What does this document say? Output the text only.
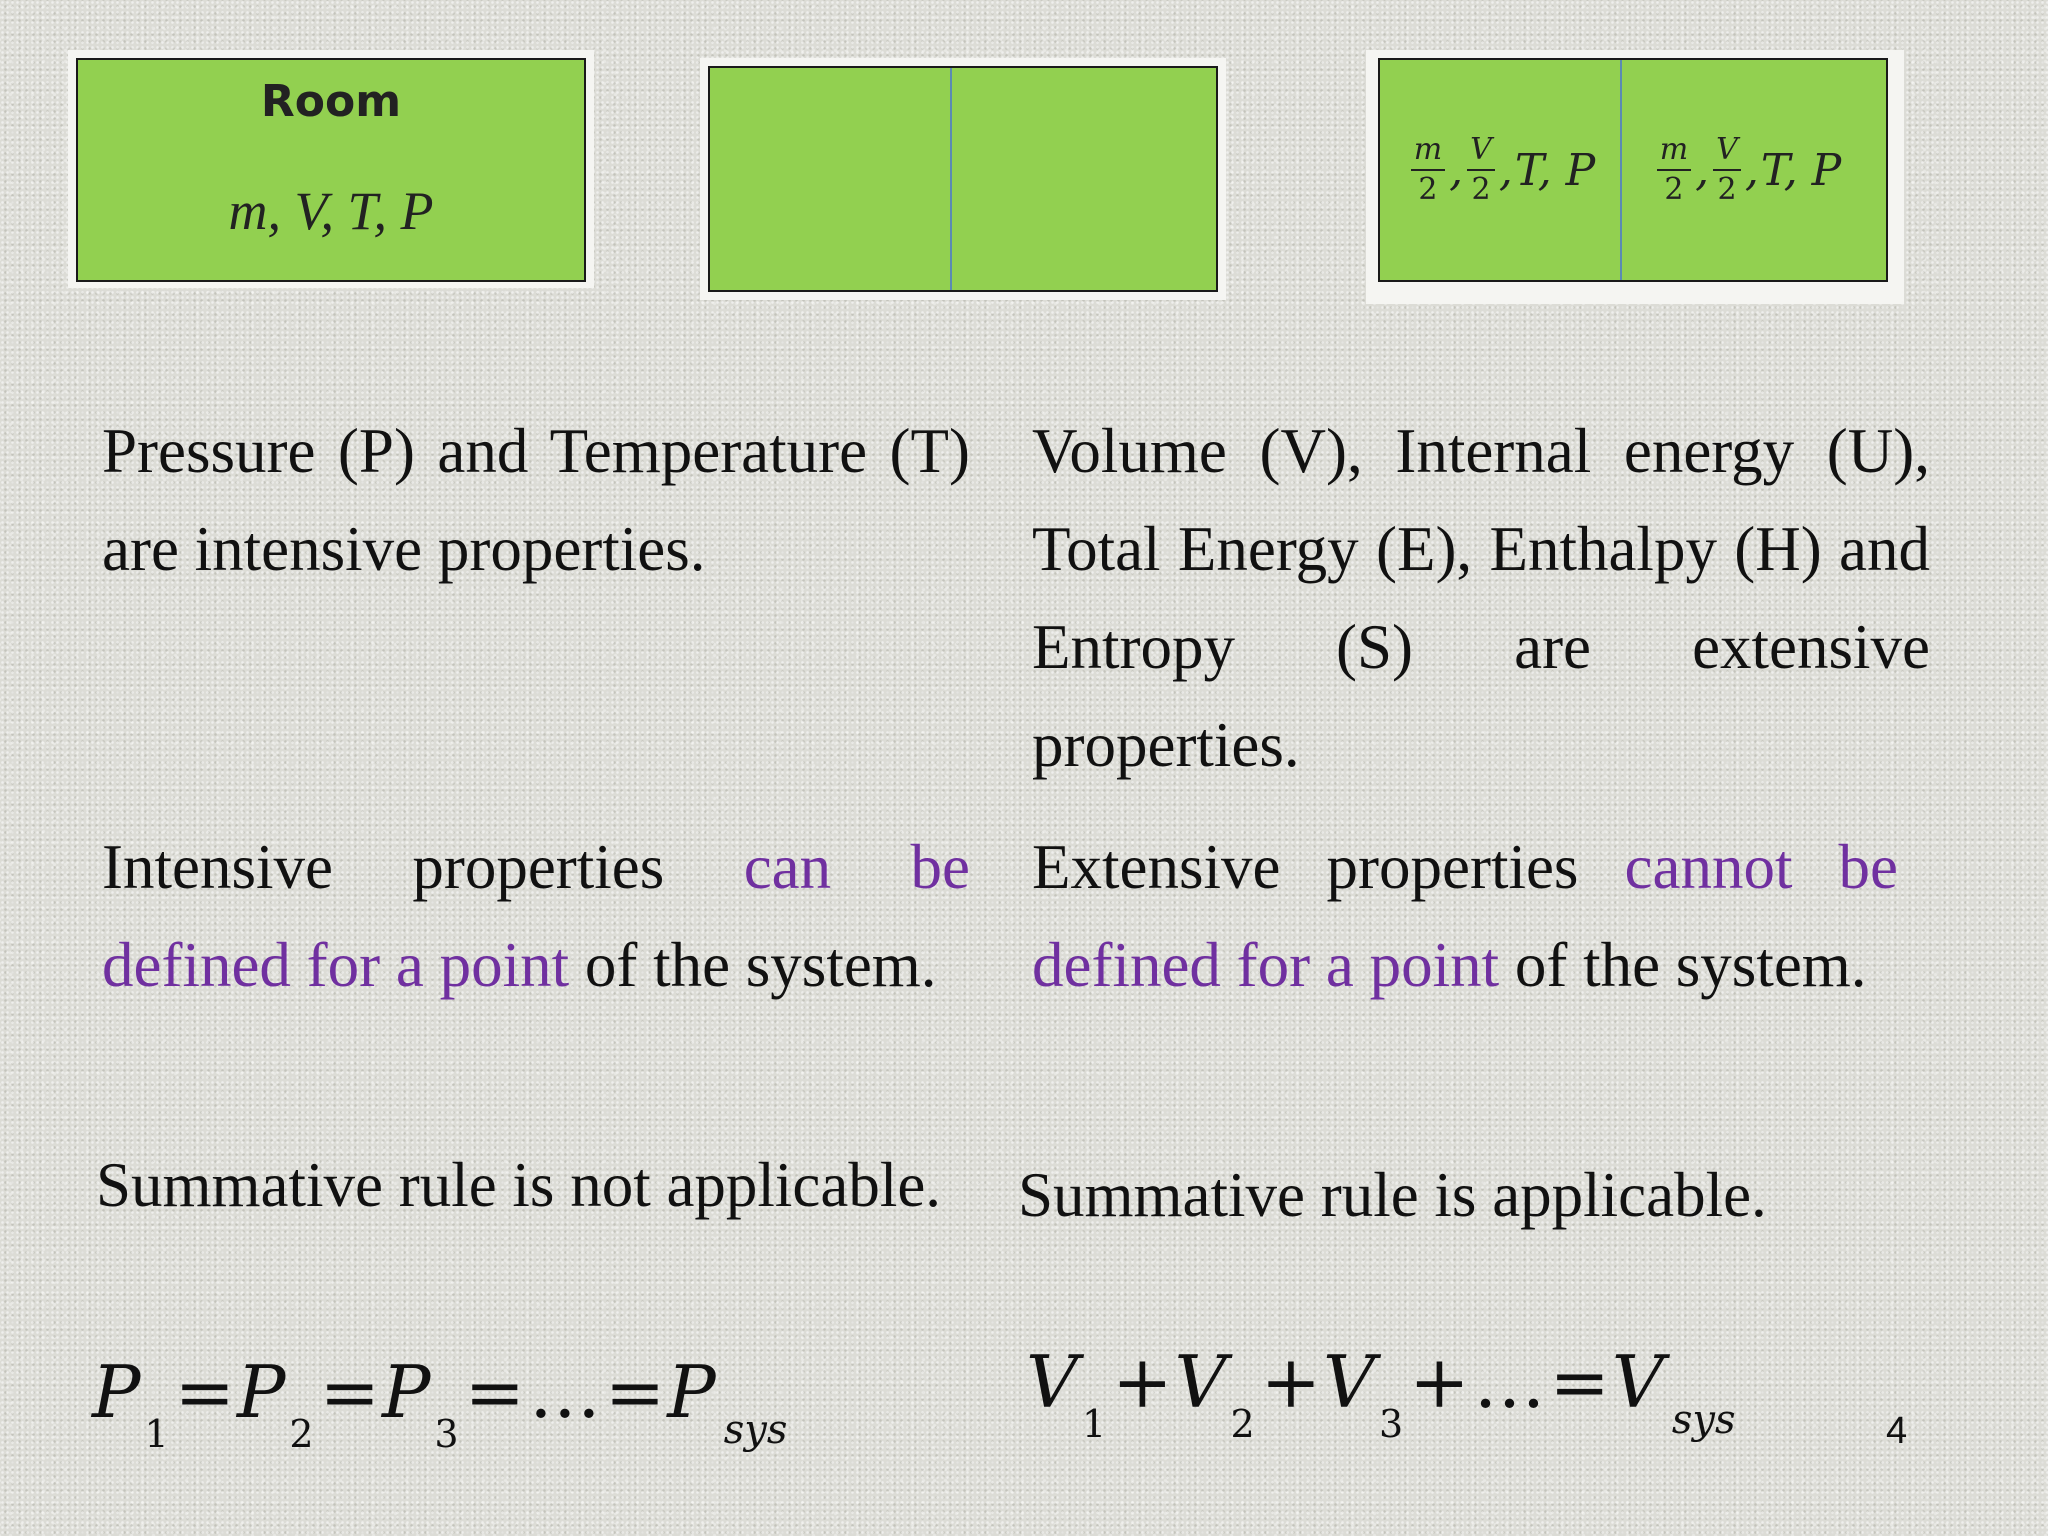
Room
m, V, T, P
$\frac{m}{2}$ , $\frac{V}{2}$ , T, P $\frac{m}{2}$ , $\frac{V}{2}$ , T, P

Pressure (P) and Temperature (T) are intensive properties.

Intensive properties can be defined for a point of the system.

Summative rule is not applicable.

Volume (V), Internal energy (U), Total Energy (E), Enthalpy (H) and Entropy (S) are extensive properties.

Extensive properties cannot be defined for a point of the system.

Summative rule is applicable.

P $_1$=P $_2$=P $_3$=…=P $_{sys}$
V $_1$+V $_2$+V $_3$+…=V $_{sys}$	4
